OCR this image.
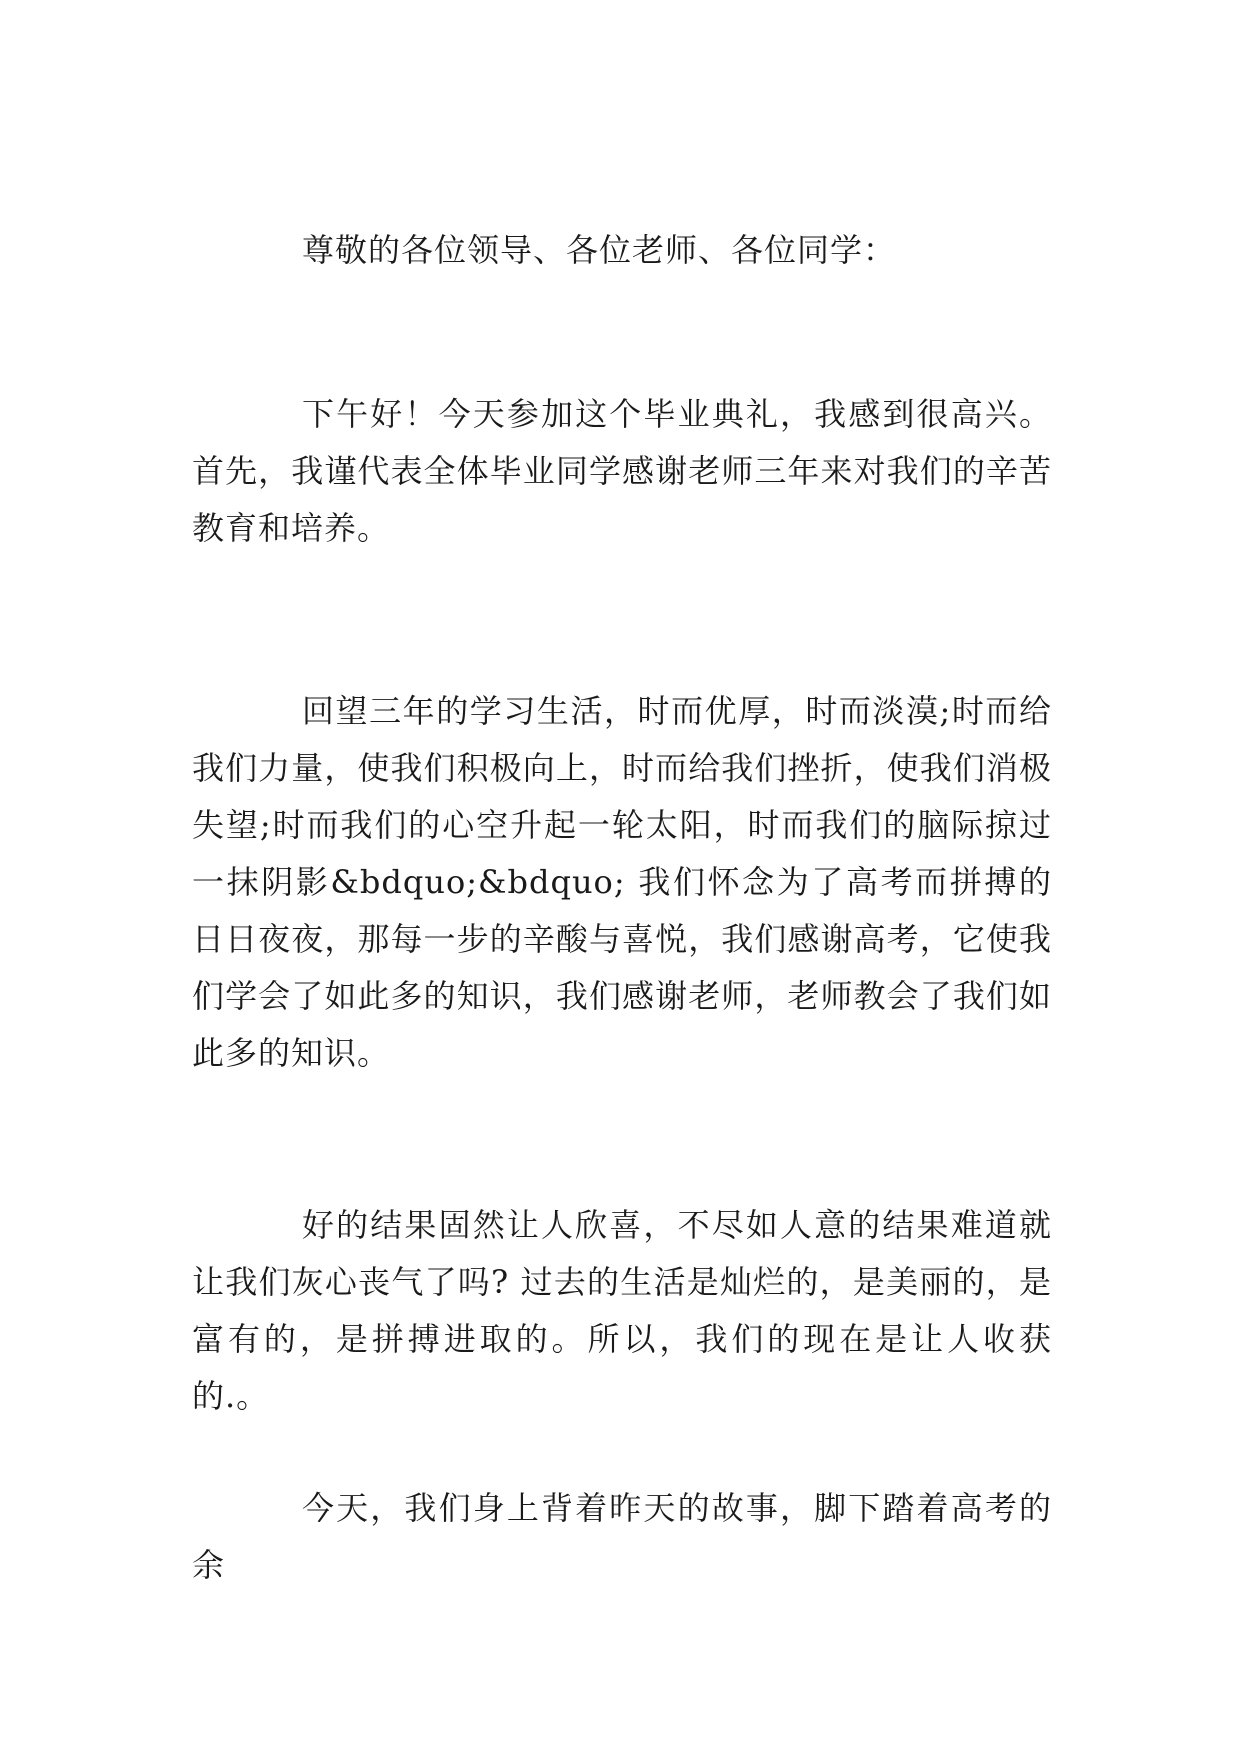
尊敬的各位领导、各位老师、各位同学：

下午好！今天参加这个毕业典礼，我感到很高兴。首先，我谨代表全体毕业同学感谢老师三年来对我们的辛苦教育和培养。

回望三年的学习生活，时而优厚，时而淡漠;时而给我们力量，使我们积极向上，时而给我们挫折，使我们消极失望;时而我们的心空升起一轮太阳，时而我们的脑际掠过一抹阴影&bdquo;&bdquo; 我们怀念为了高考而拼搏的日日夜夜，那每一步的辛酸与喜悦，我们感谢高考，它使我们学会了如此多的知识，我们感谢老师，老师教会了我们如此多的知识。

好的结果固然让人欣喜，不尽如人意的结果难道就让我们灰心丧气了吗? 过去的生活是灿烂的，是美丽的，是富有的，是拼搏进取的。所以，我们的现在是让人收获的.。

今天，我们身上背着昨天的故事，脚下踏着高考的余
